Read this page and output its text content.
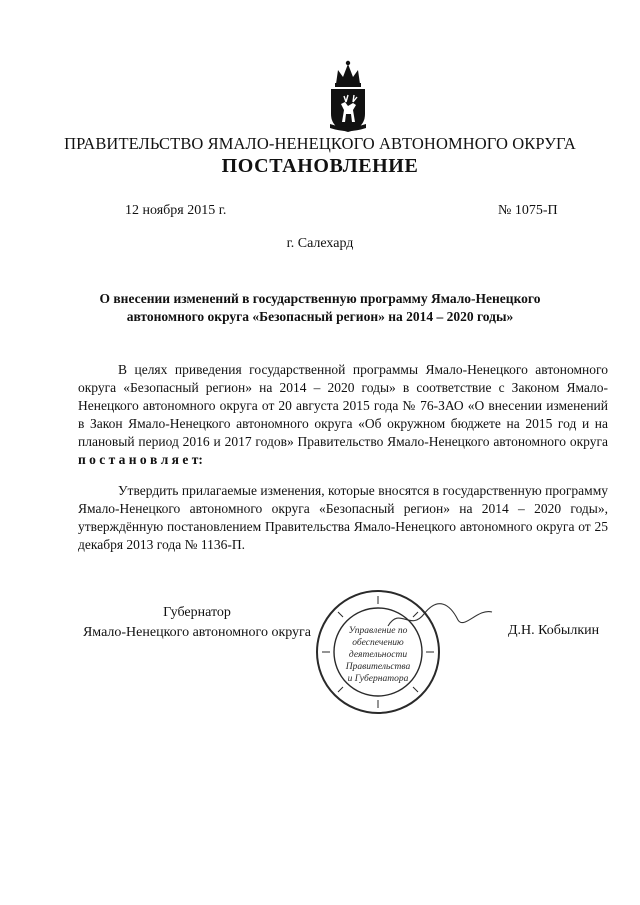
ПРАВИТЕЛЬСТВО ЯМАЛО-НЕНЕЦКОГО АВТОНОМНОГО ОКРУГА
ПОСТАНОВЛЕНИЕ
12 ноября 2015 г.	№ 1075-П
г. Салехард
О внесении изменений в государственную программу Ямало-Ненецкого
автономного округа «Безопасный регион» на 2014 – 2020 годы»
В целях приведения государственной программы Ямало-Ненецкого автономного округа «Безопасный регион» на 2014 – 2020 годы» в соответствие с Законом Ямало-Ненецкого автономного округа от 20 августа 2015 года № 76-ЗАО «О внесении изменений в Закон Ямало-Ненецкого автономного округа «Об окружном бюджете на 2015 год и на плановый период 2016 и 2017 годов» Правительство Ямало-Ненецкого автономного округа п о с т а н о в л я е т:
Утвердить прилагаемые изменения, которые вносятся в государственную программу Ямало-Ненецкого автономного округа «Безопасный регион» на 2014 – 2020 годы», утверждённую постановлением Правительства Ямало-Ненецкого автономного округа от 25 декабря 2013 года № 1136-П.
Губернатор
Ямало-Ненецкого автономного округа	Управление по
обеспечению
деятельности
Правительства
и Губернатора
Д.Н. Кобылкин
